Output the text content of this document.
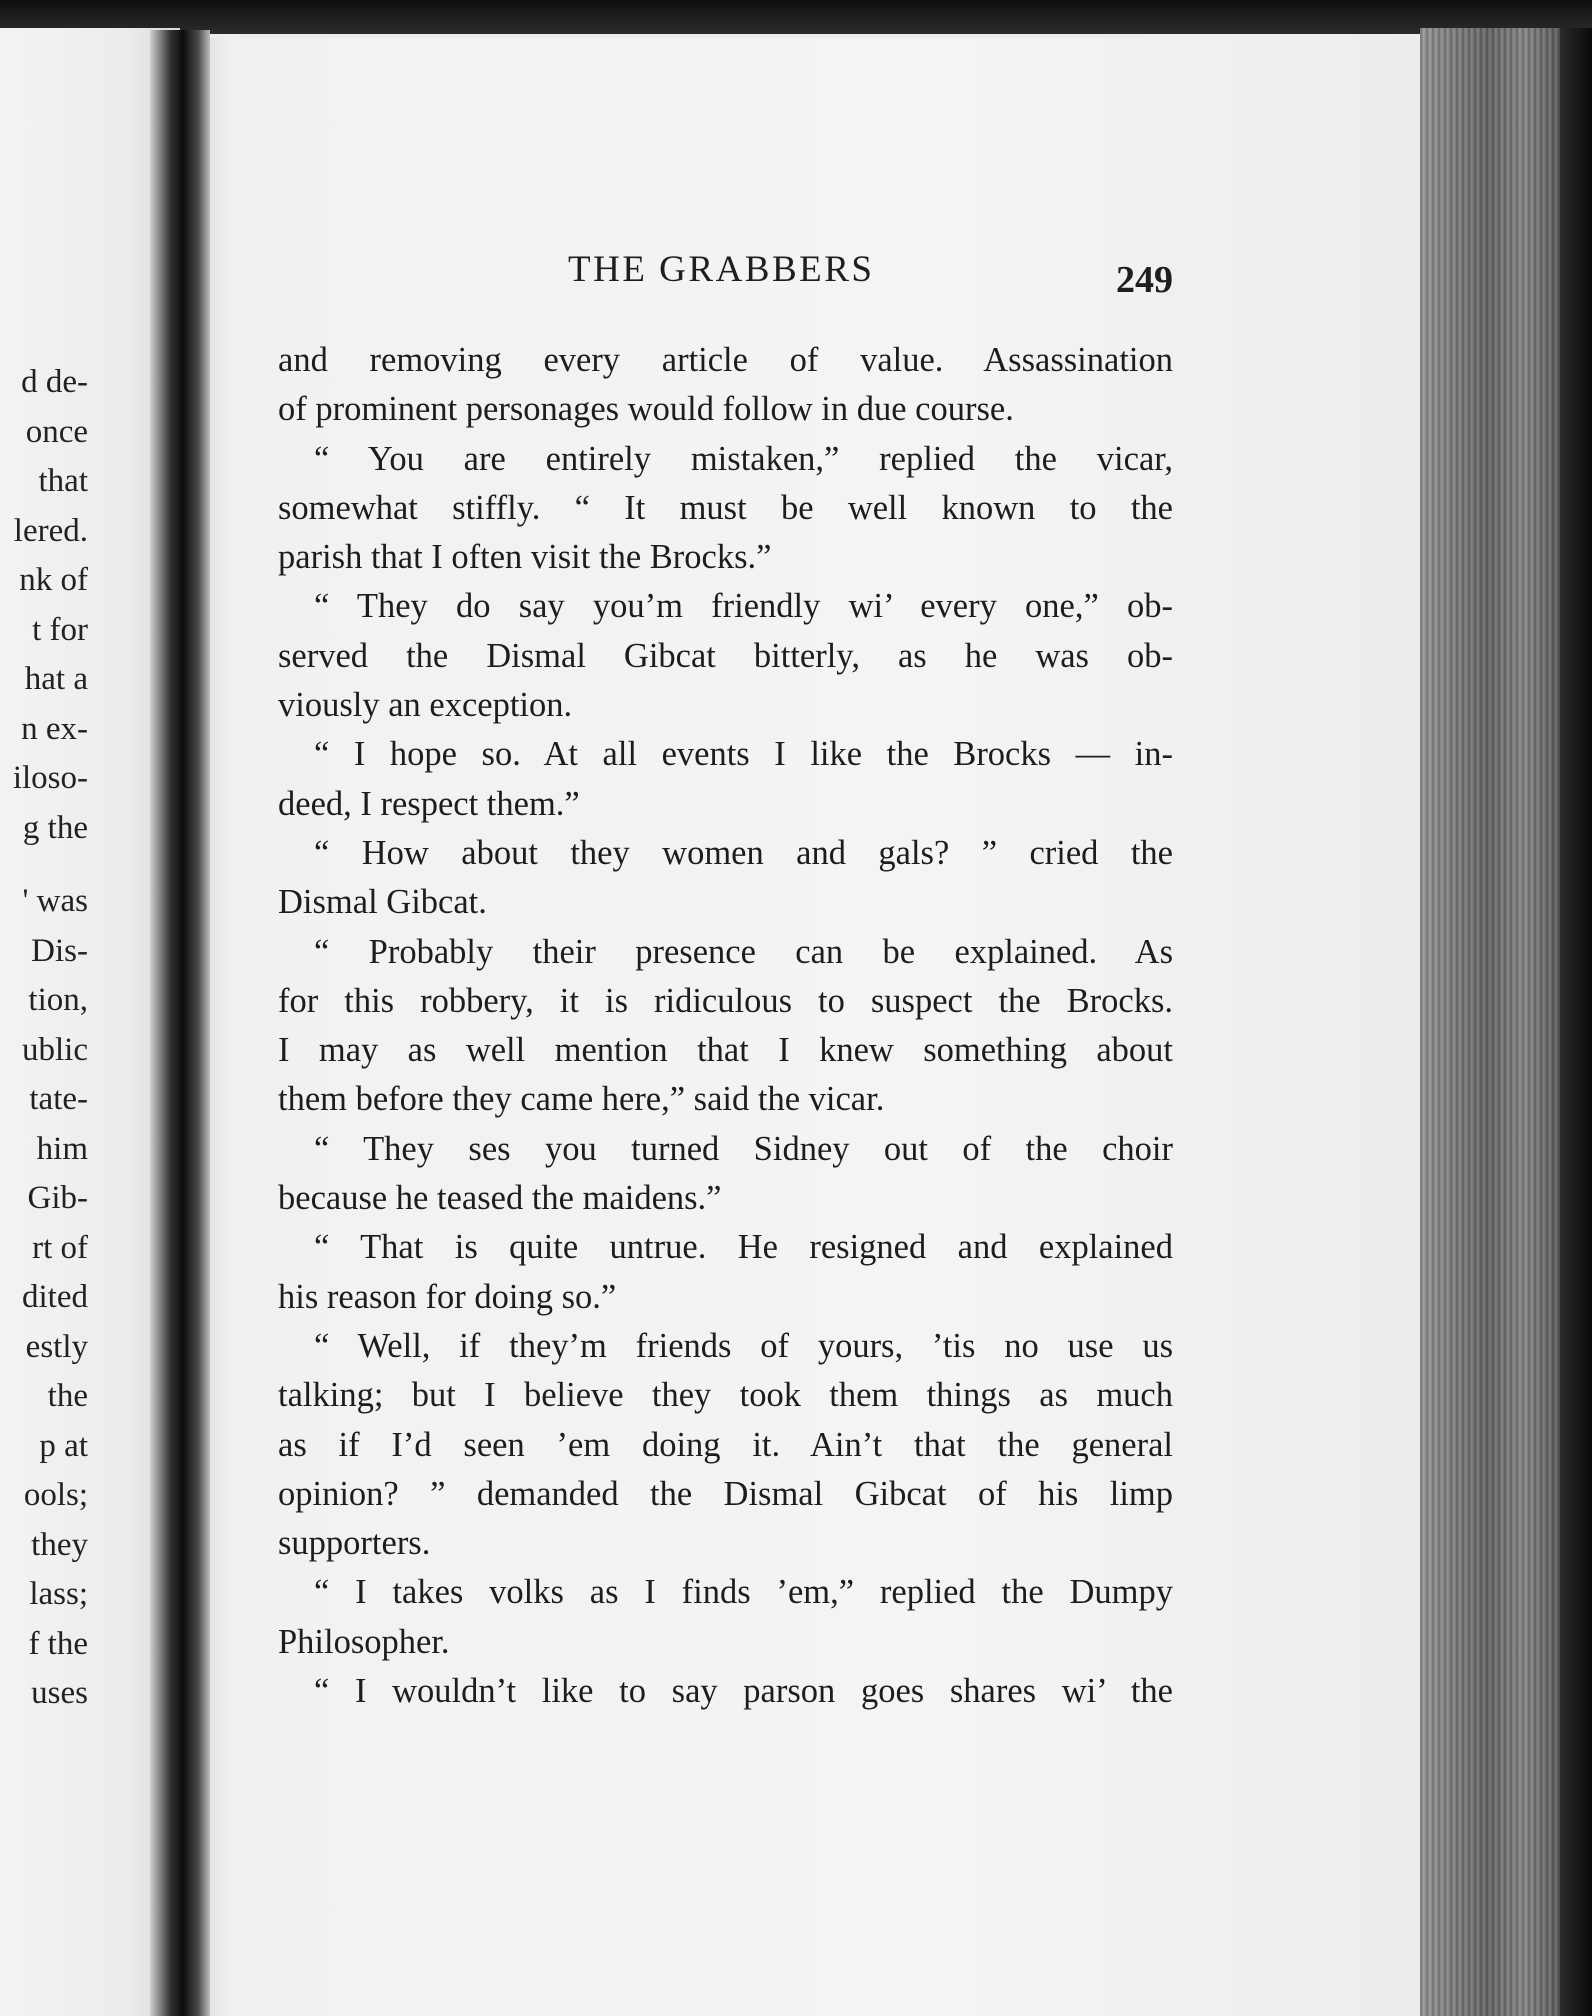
d de-
once
that
lered.
nk of
t for
hat a
n ex-
iloso-
g the
' was
Dis-
tion,
ublic
tate-
him
Gib-
rt of
dited
estly
the
p at
ools;
they
lass;
f the
uses
THE GRABBERS	249
and removing every article of value. Assassination
of prominent personages would follow in due course.
“ You are entirely mistaken,” replied the vicar,
somewhat stiffly. “ It must be well known to the
parish that I often visit the Brocks.”
“ They do say you’m friendly wi’ every one,” ob-
served the Dismal Gibcat bitterly, as he was ob-
viously an exception.
“ I hope so. At all events I like the Brocks — in-
deed, I respect them.”
“ How about they women and gals? ” cried the
Dismal Gibcat.
“ Probably their presence can be explained. As
for this robbery, it is ridiculous to suspect the Brocks.
I may as well mention that I knew something about
them before they came here,” said the vicar.
“ They ses you turned Sidney out of the choir
because he teased the maidens.”
“ That is quite untrue. He resigned and explained
his reason for doing so.”
“ Well, if they’m friends of yours, ’tis no use us
talking; but I believe they took them things as much
as if I’d seen ’em doing it. Ain’t that the general
opinion? ” demanded the Dismal Gibcat of his limp
supporters.
“ I takes volks as I finds ’em,” replied the Dumpy
Philosopher.
“ I wouldn’t like to say parson goes shares wi’ the
